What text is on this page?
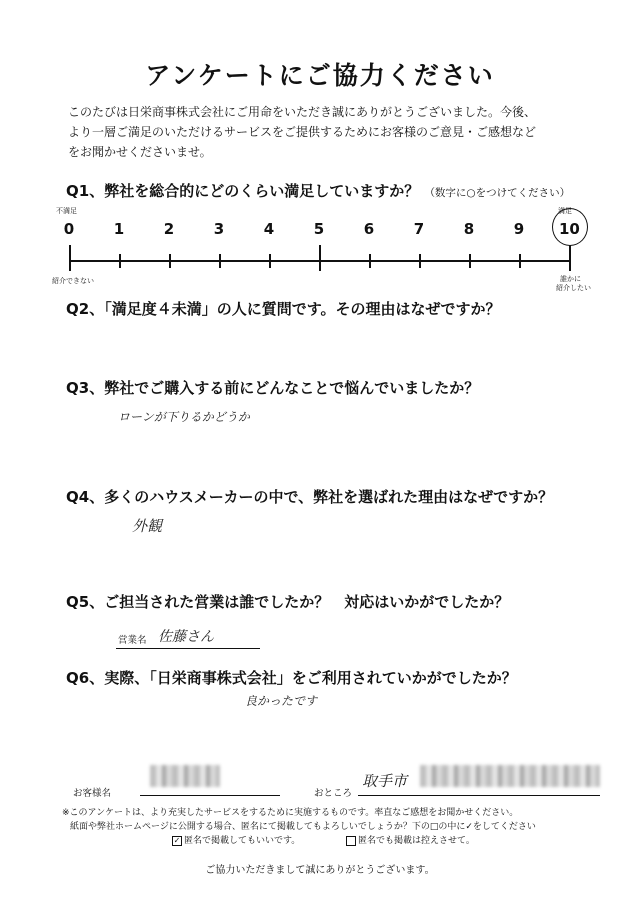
アンケートにご協力ください
このたびは日栄商事株式会社にご用命をいただき誠にありがとうございました。今後、
より一層ご満足のいただけるサービスをご提供するためにお客様のご意見・ご感想など
をお聞かせくださいませ。
Q1、弊社を総合的にどのくらい満足していますか？ （数字に○をつけてください）
不満足	満足
0	1	2	3	4	5	6	7	8	9	10
紹介できない	誰かに
紹介したい
Q2、「満足度４未満」の人に質問です。その理由はなぜですか？
Q3、弊社でご購入する前にどんなことで悩んでいましたか？
ローンが下りるかどうか
Q4、多くのハウスメーカーの中で、弊社を選ばれた理由はなぜですか？
外観
Q5、ご担当された営業は誰でしたか？　対応はいかがでしたか？
営業名 佐藤さん
Q6、実際、「日栄商事株式会社」をご利用されていかがでしたか？
良かったです
お客様名	おところ
取手市
※このアンケートは、より充実したサービスをするために実施するものです。率直なご感想をお聞かせください。
紙面や弊社ホームページに公開する場合、匿名にて掲載してもよろしいでしょうか？下の□の中に✓をしてください
✓ 匿名で掲載してもいいです。	匿名でも掲載は控えさせて。
ご協力いただきまして誠にありがとうございます。
